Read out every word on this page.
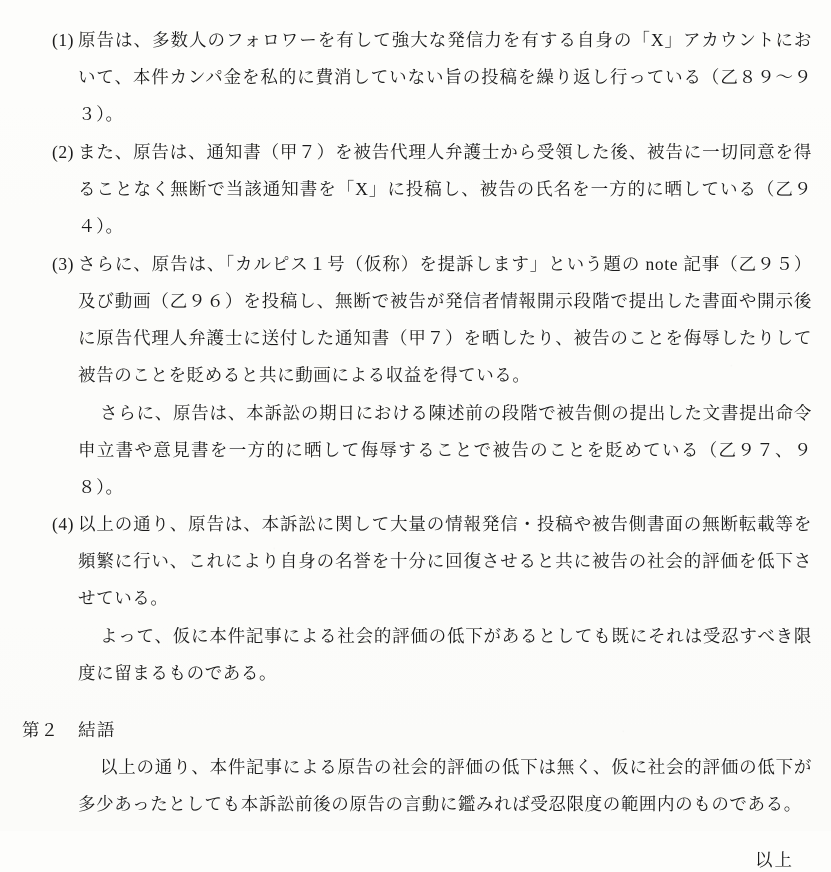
(1) 原告は、多数人のフォロワーを有して強大な発信力を有する自身の「X」アカウントにおいて、本件カンパ金を私的に費消していない旨の投稿を繰り返し行っている（乙８９〜９３）。
(2) また、原告は、通知書（甲７）を被告代理人弁護士から受領した後、被告に一切同意を得ることなく無断で当該通知書を「X」に投稿し、被告の氏名を一方的に晒している（乙９４）。
(3) さらに、原告は、「カルピス１号（仮称）を提訴します」という題の note 記事（乙９５）及び動画（乙９６）を投稿し、無断で被告が発信者情報開示段階で提出した書面や開示後に原告代理人弁護士に送付した通知書（甲７）を晒したり、被告のことを侮辱したりして被告のことを貶めると共に動画による収益を得ている。
さらに、原告は、本訴訟の期日における陳述前の段階で被告側の提出した文書提出命令申立書や意見書を一方的に晒して侮辱することで被告のことを貶めている（乙９７、９８）。
(4) 以上の通り、原告は、本訴訟に関して大量の情報発信・投稿や被告側書面の無断転載等を頻繁に行い、これにより自身の名誉を十分に回復させると共に被告の社会的評価を低下させている。
よって、仮に本件記事による社会的評価の低下があるとしても既にそれは受忍すべき限度に留まるものである。
第２	結語
以上の通り、本件記事による原告の社会的評価の低下は無く、仮に社会的評価の低下が多少あったとしても本訴訟前後の原告の言動に鑑みれば受忍限度の範囲内のものである。
以上
